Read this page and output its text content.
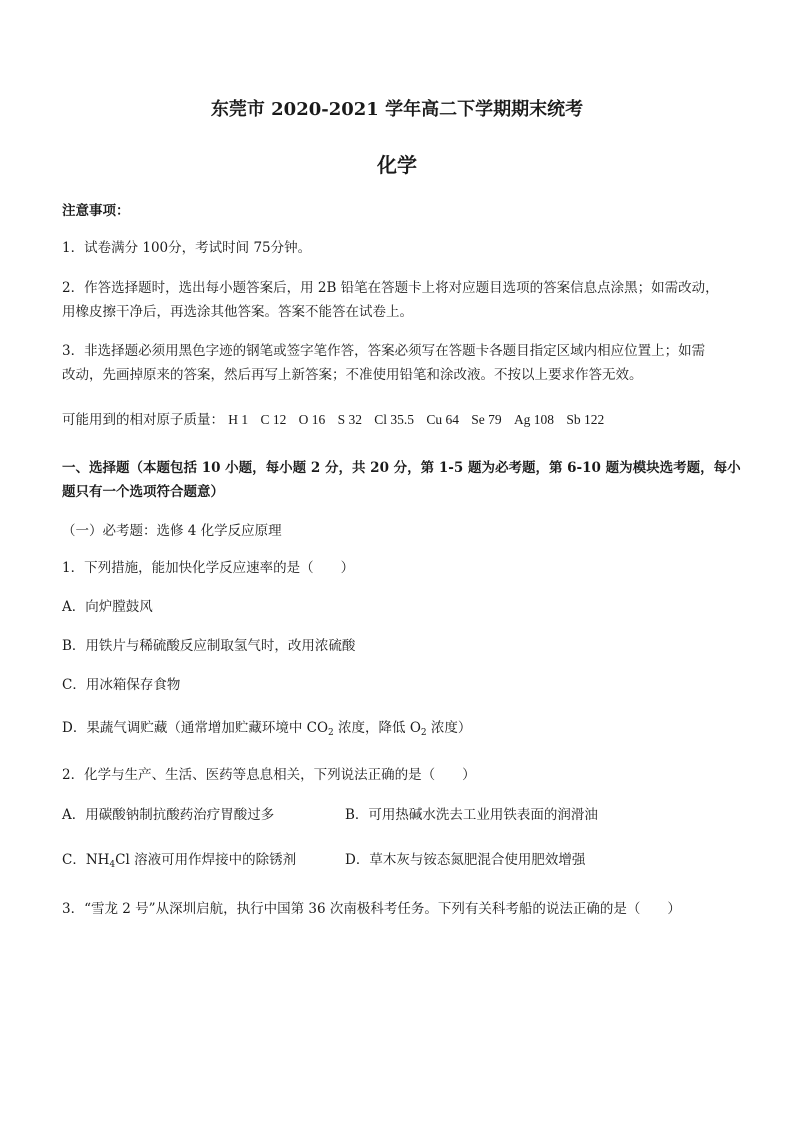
东莞市 2020-2021 学年高二下学期期末统考
化学
注意事项：
1．试卷满分 100分，考试时间 75分钟。
2．作答选择题时，选出每小题答案后，用 2B 铅笔在答题卡上将对应题目选项的答案信息点涂黑；如需改动，
用橡皮擦干净后，再选涂其他答案。答案不能答在试卷上。
3．非选择题必须用黑色字迹的钢笔或签字笔作答，答案必须写在答题卡各题目指定区域内相应位置上；如需
改动，先画掉原来的答案，然后再写上新答案；不准使用铅笔和涂改液。不按以上要求作答无效。
可能用到的相对原子质量： H 1 C 12 O 16 S 32 Cl 35.5 Cu 64 Se 79 Ag 108 Sb 122
一、选择题（本题包括 10 小题，每小题 2 分，共 20 分，第 1-5 题为必考题，第 6-10 题为模块选考题，每小
题只有一个选项符合题意）
（一）必考题：选修 4 化学反应原理
1．下列措施，能加快化学反应速率的是（　　）
A．向炉膛鼓风
B．用铁片与稀硫酸反应制取氢气时，改用浓硫酸
C．用冰箱保存食物
D．果蔬气调贮藏（通常增加贮藏环境中 $CO_2$ 浓度，降低 $O_2$ 浓度）
2．化学与生产、生活、医药等息息相关，下列说法正确的是（　　）
A．用碳酸钠制抗酸药治疗胃酸过多	B．可用热碱水洗去工业用铁表面的润滑油
C．$NH_4Cl$ 溶液可用作焊接中的除锈剂	D．草木灰与铵态氮肥混合使用肥效增强
3．“雪龙 2 号”从深圳启航，执行中国第 36 次南极科考任务。下列有关科考船的说法正确的是（　　）
